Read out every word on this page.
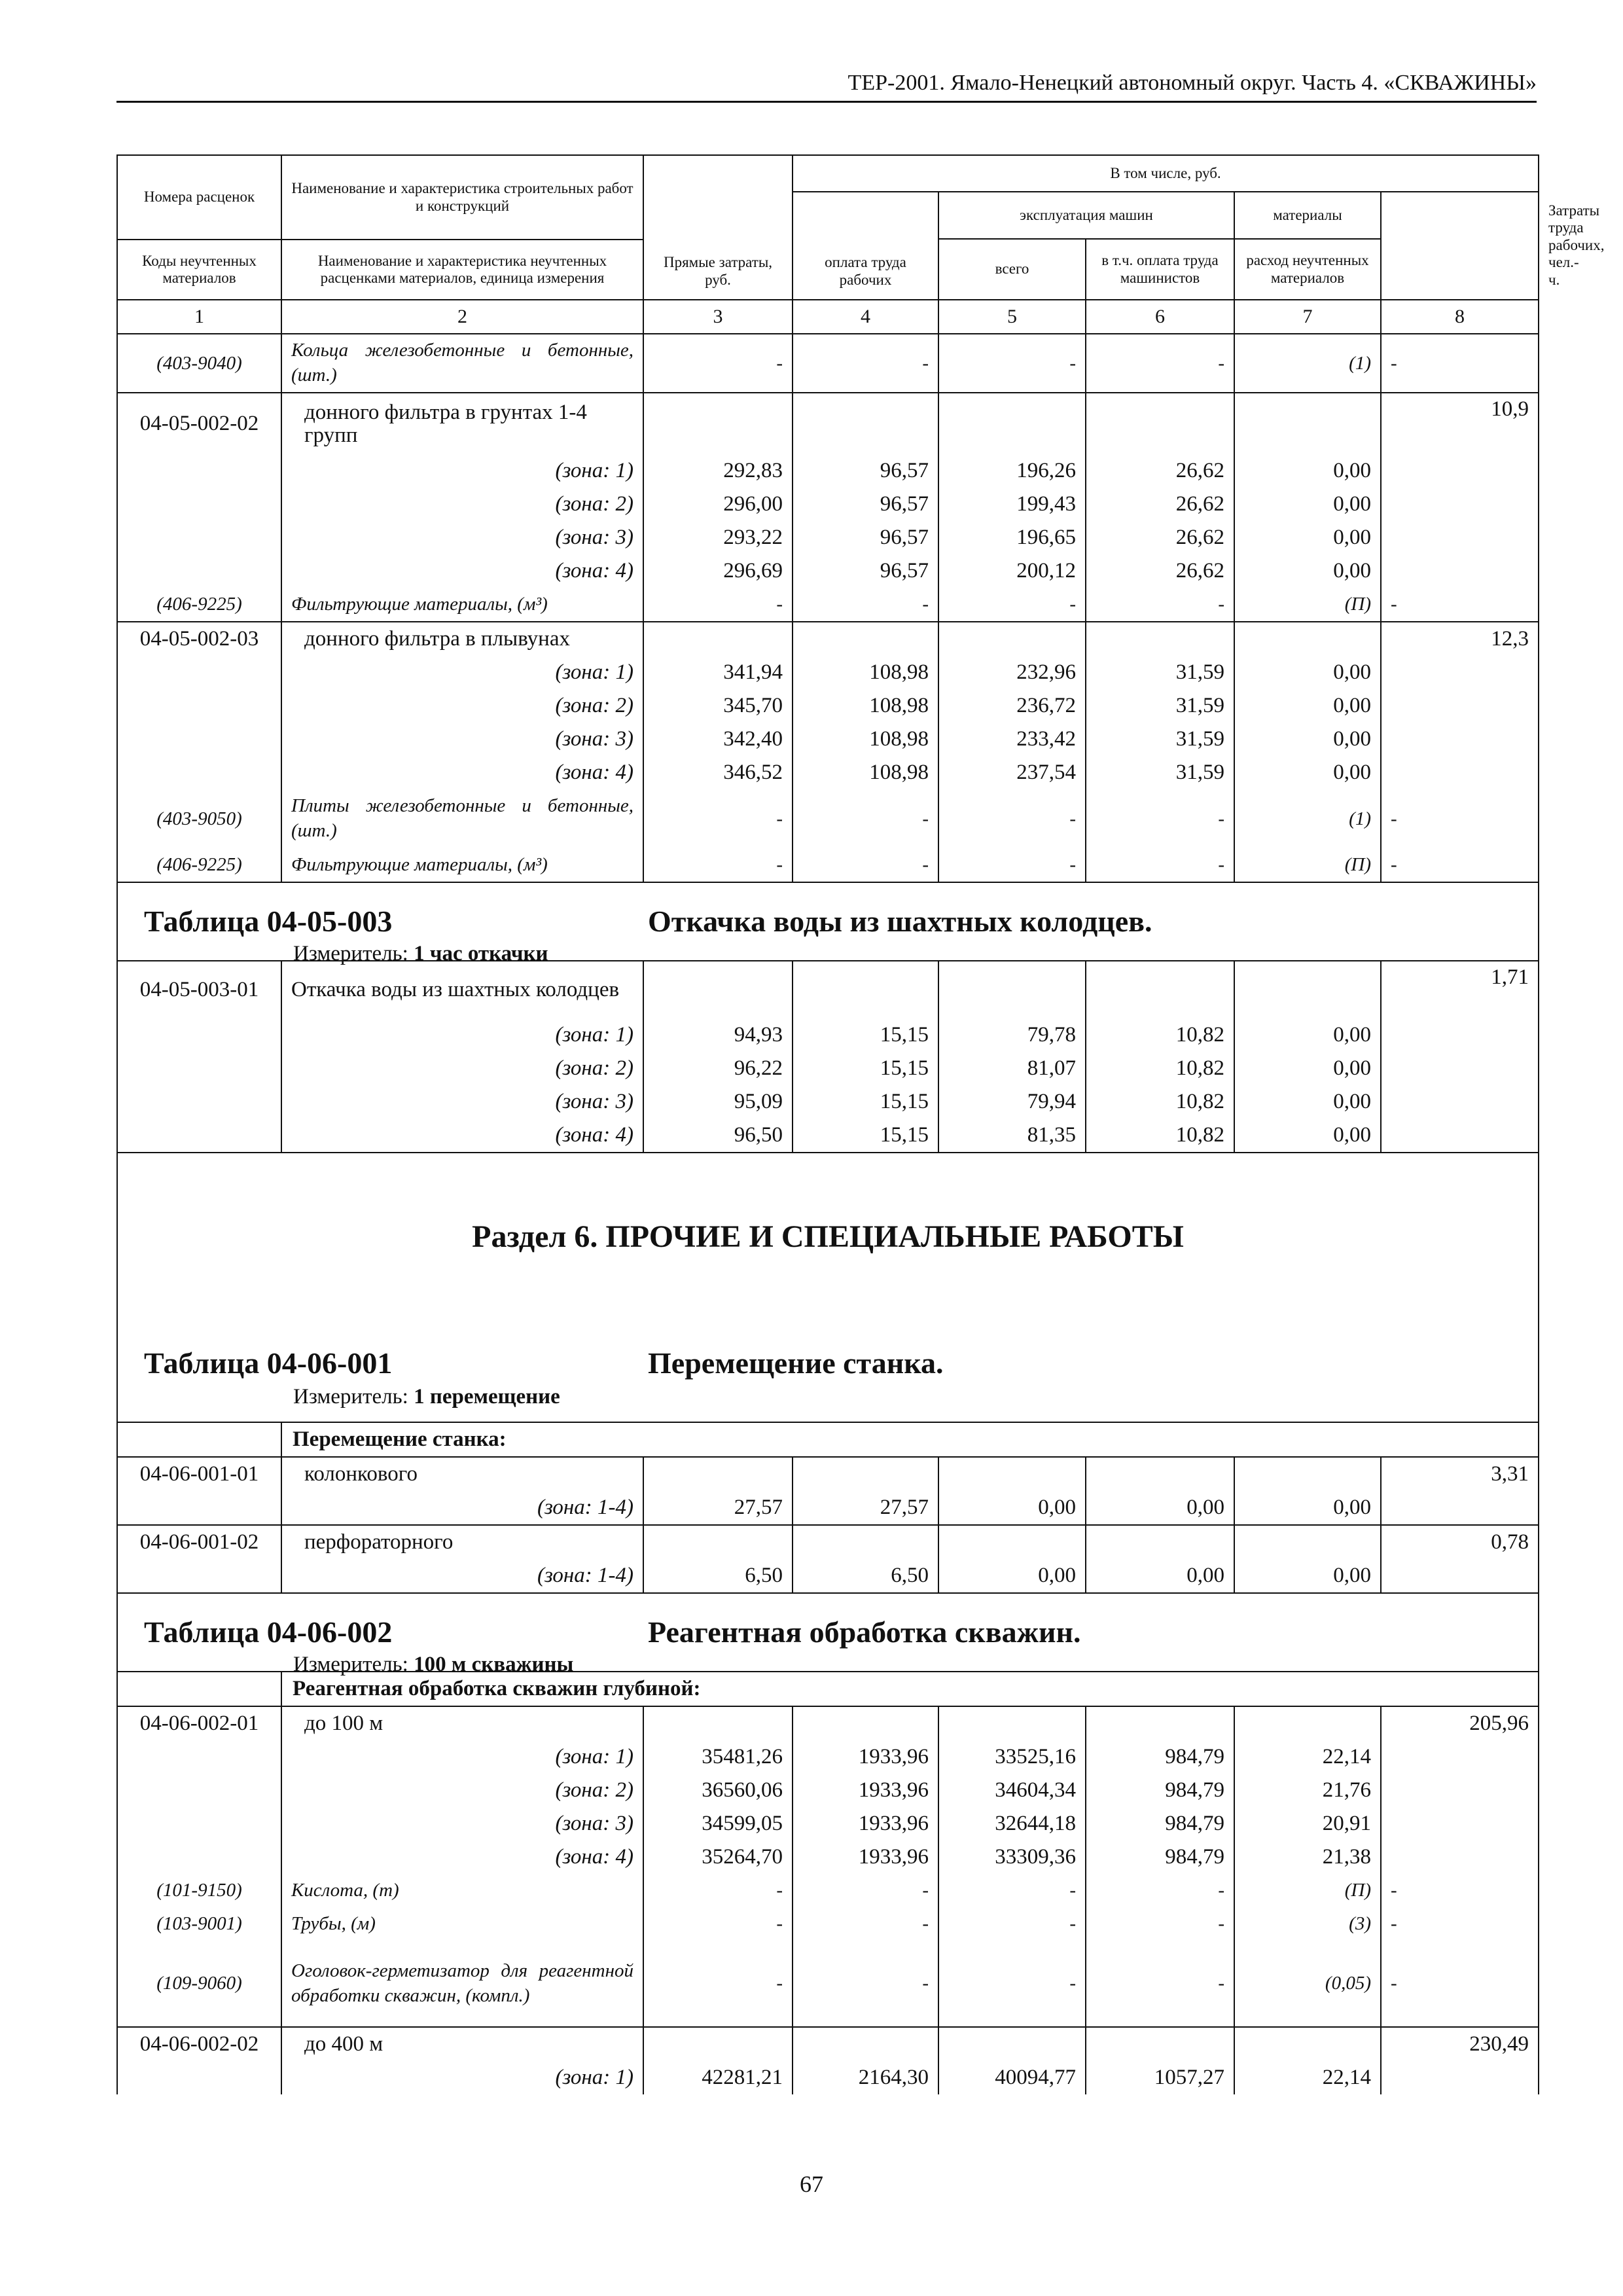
ТЕР-2001. Ямало-Ненецкий автономный округ. Часть 4. «СКВАЖИНЫ»
Номера расценок	Наименование и характеристика строительных работ и конструкций	Прямые затраты, руб.	В том числе, руб.					Затраты труда рабочих, чел.-ч.
			оплата труда рабочих	эксплуатация машин		материалы		
				всего	в т.ч. оплата труда машинистов	расход неучтенных материалов		
Коды неучтенных материалов	Наименование и характеристика неучтенных расценками материалов, единица измерения							
1	2	3	4	5	6	7	8	
(403-9040)	Кольца железобетонные и бетонные, (шт.)	-	-	-	-	(1)	-	
04-05-002-02	донного фильтра в грунтах 1-4 групп						10,9	
	(зона: 1)	292,83	96,57	196,26	26,62	0,00		
	(зона: 2)	296,00	96,57	199,43	26,62	0,00		
	(зона: 3)	293,22	96,57	196,65	26,62	0,00		
	(зона: 4)	296,69	96,57	200,12	26,62	0,00		
(406-9225)	Фильтрующие материалы, (м³)	-	-	-	-	(П)	-	
04-05-002-03	донного фильтра в плывунах						12,3	
	(зона: 1)	341,94	108,98	232,96	31,59	0,00		
	(зона: 2)	345,70	108,98	236,72	31,59	0,00		
	(зона: 3)	342,40	108,98	233,42	31,59	0,00		
	(зона: 4)	346,52	108,98	237,54	31,59	0,00		
(403-9050)	Плиты железобетонные и бетонные, (шт.)	-	-	-	-	(1)	-	
(406-9225)	Фильтрующие материалы, (м³)	-	-	-	-	(П)	-	

Таблица 04-05-003 Откачка воды из шахтных колодцев.
Измеритель: 1 час откачки								

04-05-003-01	Откачка воды из шахтных колодцев						1,71	
	(зона: 1)	94,93	15,15	79,78	10,82	0,00		
	(зона: 2)	96,22	15,15	81,07	10,82	0,00		
	(зона: 3)	95,09	15,15	79,94	10,82	0,00		
	(зона: 4)	96,50	15,15	81,35	10,82	0,00		

Раздел 6. ПРОЧИЕ И СПЕЦИАЛЬНЫЕ РАБОТЫ
Таблица 04-06-001 Перемещение станка.
Измеритель: 1 перемещение								

	Перемещение станка:							
04-06-001-01	колонкового						3,31	
	(зона: 1-4)	27,57	27,57	0,00	0,00	0,00		
04-06-001-02	перфораторного						0,78	
	(зона: 1-4)	6,50	6,50	0,00	0,00	0,00		

Таблица 04-06-002 Реагентная обработка скважин.
Измеритель: 100 м скважины								

	Реагентная обработка скважин глубиной:							
04-06-002-01	до 100 м						205,96	
	(зона: 1)	35481,26	1933,96	33525,16	984,79	22,14		
	(зона: 2)	36560,06	1933,96	34604,34	984,79	21,76		
	(зона: 3)	34599,05	1933,96	32644,18	984,79	20,91		
	(зона: 4)	35264,70	1933,96	33309,36	984,79	21,38		
(101-9150)	Кислота, (т)	-	-	-	-	(П)	-	
(103-9001)	Трубы, (м)	-	-	-	-	(3)	-	
(109-9060)	Оголовок-герметизатор для реагентной обработки скважин, (компл.)	-	-	-	-	(0,05)	-	
04-06-002-02	до 400 м						230,49	
	(зона: 1)	42281,21	2164,30	40094,77	1057,27	22,14		
67
